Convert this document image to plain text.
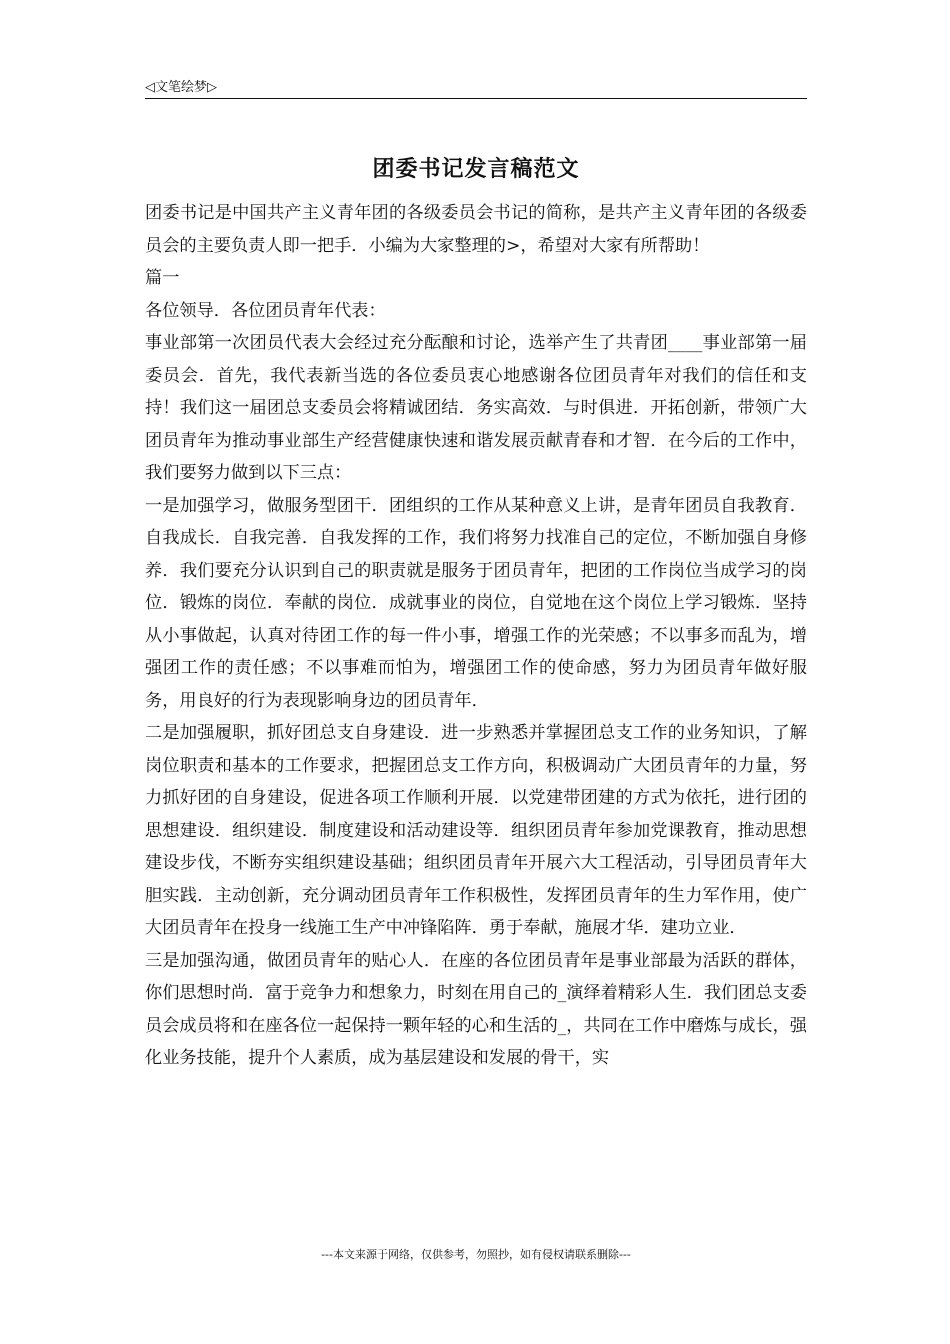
◁文笔绘梦▷
团委书记发言稿范文

团委书记是中国共产主义青年团的各级委员会书记的简称，是共产主义青年团的各级委员会的主要负责人即一把手．小编为大家整理的>，希望对大家有所帮助！

篇一

各位领导．各位团员青年代表：

事业部第一次团员代表大会经过充分酝酿和讨论，选举产生了共青团____事业部第一届委员会．首先，我代表新当选的各位委员衷心地感谢各位团员青年对我们的信任和支持！我们这一届团总支委员会将精诚团结．务实高效．与时俱进．开拓创新，带领广大团员青年为推动事业部生产经营健康快速和谐发展贡献青春和才智．在今后的工作中，我们要努力做到以下三点：

一是加强学习，做服务型团干．团组织的工作从某种意义上讲，是青年团员自我教育．自我成长．自我完善．自我发挥的工作，我们将努力找准自己的定位，不断加强自身修养．我们要充分认识到自己的职责就是服务于团员青年，把团的工作岗位当成学习的岗位．锻炼的岗位．奉献的岗位．成就事业的岗位，自觉地在这个岗位上学习锻炼．坚持从小事做起，认真对待团工作的每一件小事，增强工作的光荣感；不以事多而乱为，增强团工作的责任感；不以事难而怕为，增强团工作的使命感，努力为团员青年做好服务，用良好的行为表现影响身边的团员青年．

二是加强履职，抓好团总支自身建设．进一步熟悉并掌握团总支工作的业务知识，了解岗位职责和基本的工作要求，把握团总支工作方向，积极调动广大团员青年的力量，努力抓好团的自身建设，促进各项工作顺利开展．以党建带团建的方式为依托，进行团的思想建设．组织建设．制度建设和活动建设等．组织团员青年参加党课教育，推动思想建设步伐，不断夯实组织建设基础；组织团员青年开展六大工程活动，引导团员青年大胆实践．主动创新，充分调动团员青年工作积极性，发挥团员青年的生力军作用，使广大团员青年在投身一线施工生产中冲锋陷阵．勇于奉献，施展才华．建功立业．

三是加强沟通，做团员青年的贴心人．在座的各位团员青年是事业部最为活跃的群体，你们思想时尚．富于竞争力和想象力，时刻在用自己的_演绎着精彩人生．我们团总支委员会成员将和在座各位一起保持一颗年轻的心和生活的_，共同在工作中磨炼与成长，强化业务技能，提升个人素质，成为基层建设和发展的骨干，实

---本文来源于网络，仅供参考，勿照抄，如有侵权请联系删除---
